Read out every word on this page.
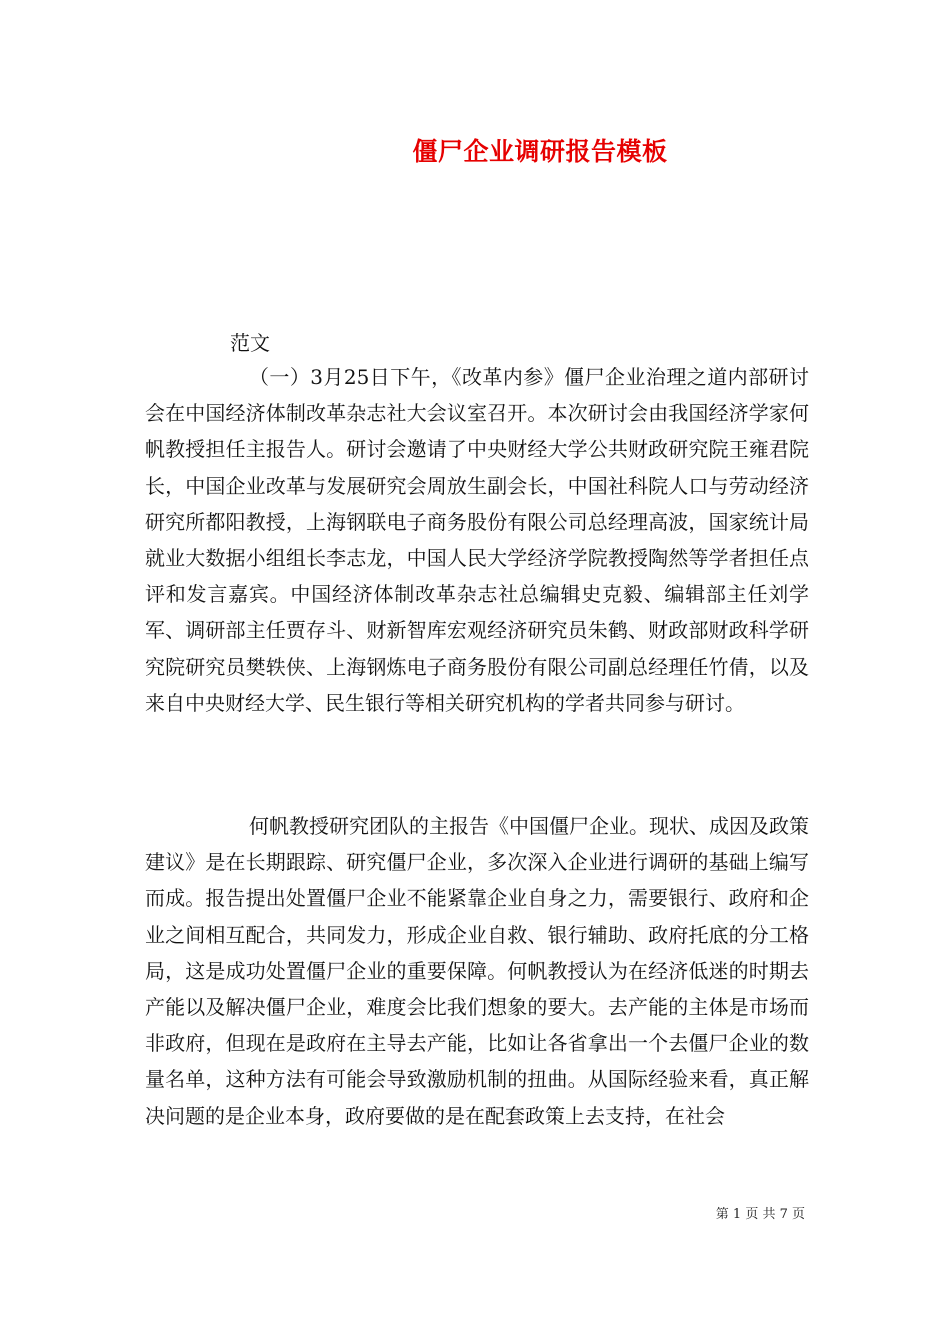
僵尸企业调研报告模板

范文

（一）3月25日下午，《改革内参》僵尸企业治理之道内部研讨会在中国经济体制改革杂志社大会议室召开。本次研讨会由我国经济学家何帆教授担任主报告人。研讨会邀请了中央财经大学公共财政研究院王雍君院长，中国企业改革与发展研究会周放生副会长，中国社科院人口与劳动经济研究所都阳教授，上海钢联电子商务股份有限公司总经理高波，国家统计局就业大数据小组组长李志龙，中国人民大学经济学院教授陶然等学者担任点评和发言嘉宾。中国经济体制改革杂志社总编辑史克毅、编辑部主任刘学军、调研部主任贾存斗、财新智库宏观经济研究员朱鹤、财政部财政科学研究院研究员樊轶侠、上海钢炼电子商务股份有限公司副总经理任竹倩，以及来自中央财经大学、民生银行等相关研究机构的学者共同参与研讨。

何帆教授研究团队的主报告《中国僵尸企业。现状、成因及政策建议》是在长期跟踪、研究僵尸企业，多次深入企业进行调研的基础上编写而成。报告提出处置僵尸企业不能紧靠企业自身之力，需要银行、政府和企业之间相互配合，共同发力，形成企业自救、银行辅助、政府托底的分工格局，这是成功处置僵尸企业的重要保障。何帆教授认为在经济低迷的时期去产能以及解决僵尸企业，难度会比我们想象的要大。去产能的主体是市场而非政府，但现在是政府在主导去产能，比如让各省拿出一个去僵尸企业的数量名单，这种方法有可能会导致激励机制的扭曲。从国际经验来看，真正解决问题的是企业本身，政府要做的是在配套政策上去支持，在社会

第 1 页 共 7 页
